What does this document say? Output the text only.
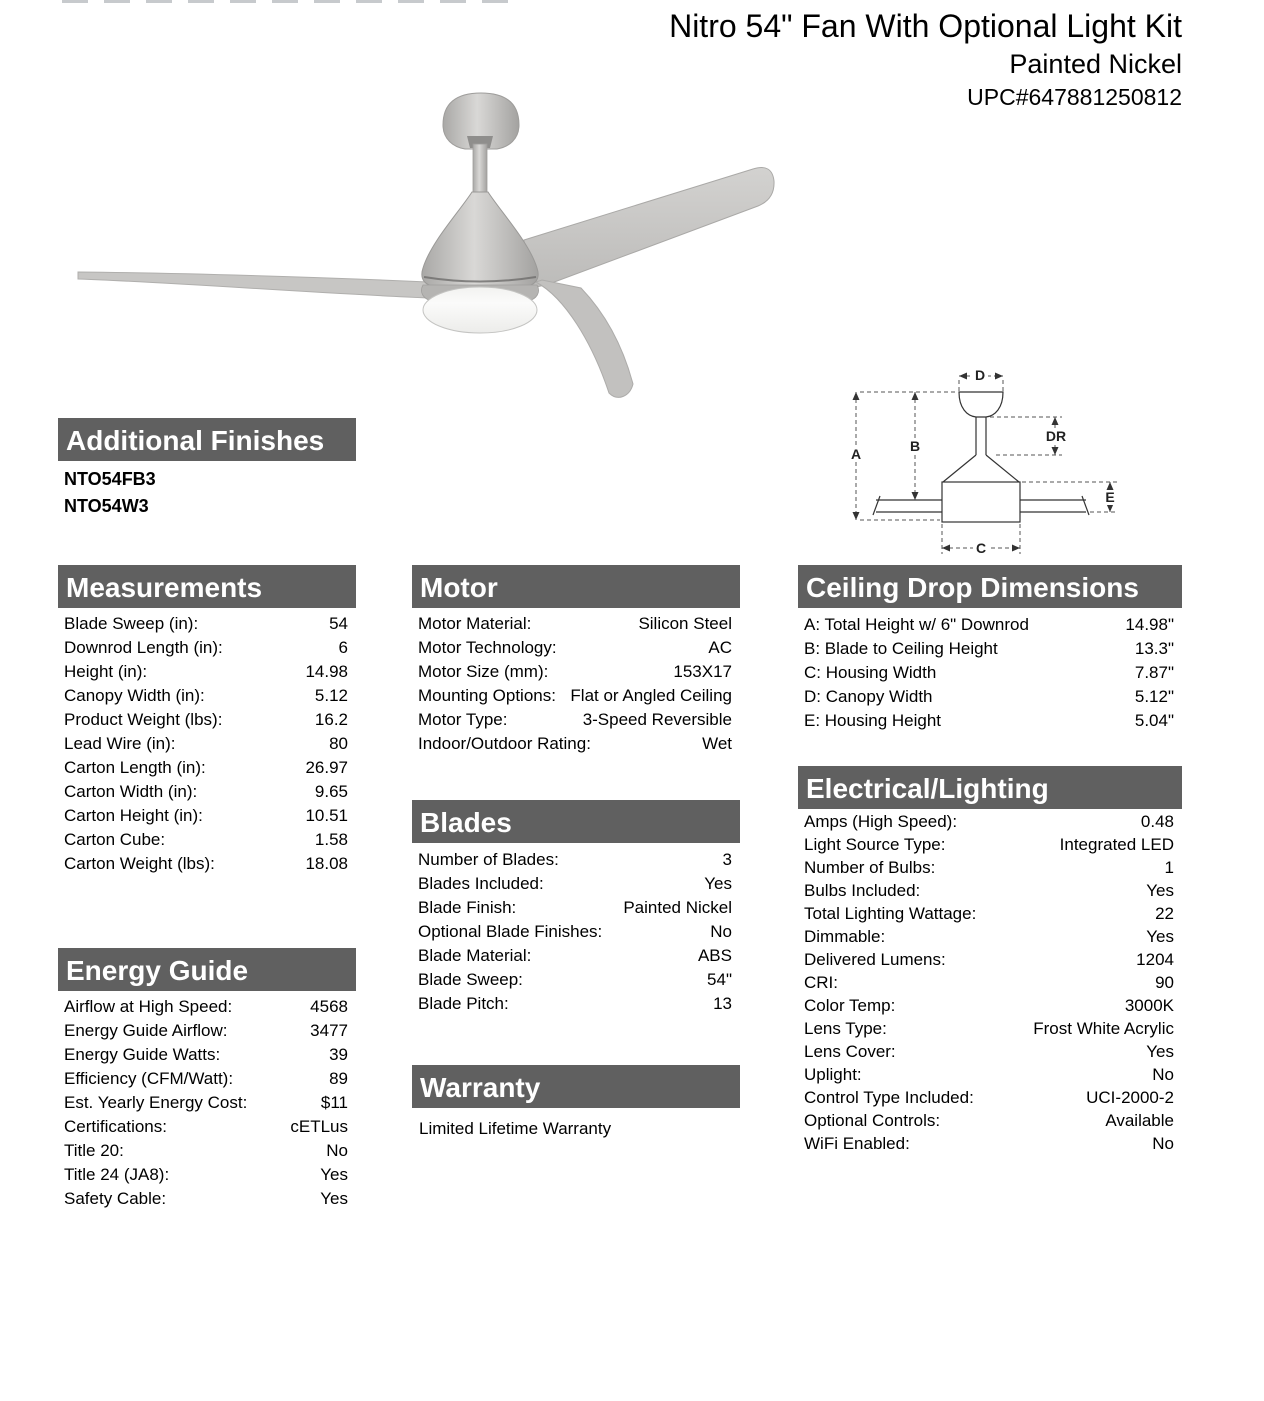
Nitro 54" Fan With Optional Light Kit
Painted Nickel
UPC#647881250812
D
A	B
DR
E
C
Additional Finishes
NTO54FB3
NTO54W3
Measurements
Blade Sweep (in):	54
Downrod Length (in):	6
Height (in):	14.98
Canopy Width (in):	5.12
Product Weight (lbs):	16.2
Lead Wire (in):	80
Carton Length (in):	26.97
Carton Width (in):	9.65
Carton Height (in):	10.51
Carton Cube:	1.58
Carton Weight (lbs):	18.08
Energy Guide
Airflow at High Speed:	4568
Energy Guide Airflow:	3477
Energy Guide Watts:	39
Efficiency (CFM/Watt):	89
Est. Yearly Energy Cost:	$11
Certifications:	cETLus
Title 20:	No
Title 24 (JA8):	Yes
Safety Cable:	Yes
Motor
Motor Material:	Silicon Steel
Motor Technology:	AC
Motor Size (mm):	153X17
Mounting Options: Flat or Angled Ceiling
Motor Type:	3-Speed Reversible
Indoor/Outdoor Rating:	Wet
Blades
Number of Blades:	3
Blades Included:	Yes
Blade Finish:	Painted Nickel
Optional Blade Finishes:	No
Blade Material:	ABS
Blade Sweep:	54"
Blade Pitch:	13
Warranty
Limited Lifetime Warranty
Ceiling Drop Dimensions
A: Total Height w/ 6" Downrod	14.98"
B: Blade to Ceiling Height	13.3"
C: Housing Width	7.87"
D: Canopy Width	5.12"
E: Housing Height	5.04"
Electrical/Lighting
Amps (High Speed):	0.48
Light Source Type:	Integrated LED
Number of Bulbs:	1
Bulbs Included:	Yes
Total Lighting Wattage:	22
Dimmable:	Yes
Delivered Lumens:	1204
CRI:	90
Color Temp:	3000K
Lens Type:	Frost White Acrylic
Lens Cover:	Yes
Uplight:	No
Control Type Included:	UCI-2000-2
Optional Controls:	Available
WiFi Enabled:	No
